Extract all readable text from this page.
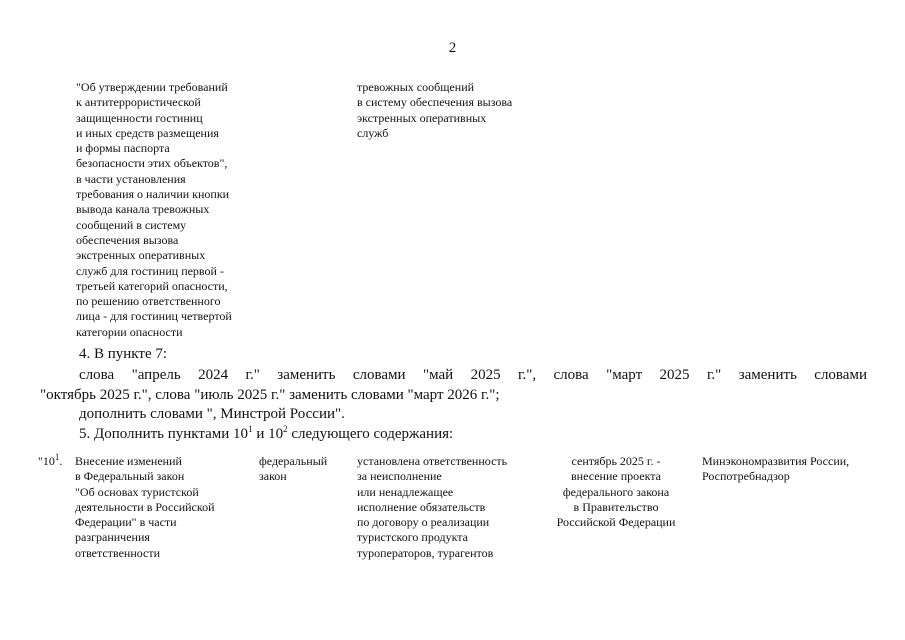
2
"Об утверждении требований
к антитеррористической
защищенности гостиниц
и иных средств размещения
и формы паспорта
безопасности этих объектов",
в части установления
требования о наличии кнопки
вывода канала тревожных
сообщений в систему
обеспечения вызова
экстренных оперативных
служб для гостиниц первой -
третьей категорий опасности,
по решению ответственного
лица - для гостиниц четвертой
категории опасности
тревожных сообщений
в систему обеспечения вызова
экстренных оперативных
служб
4. В пункте 7:
слова "апрель 2024 г." заменить словами "май 2025 г.", слова "март 2025 г." заменить словами
"октябрь 2025 г.", слова "июль 2025 г." заменить словами "март 2026 г.";
дополнить словами ", Минстрой России".
5. Дополнить пунктами $10^1$ и $10^2$ следующего содержания:
"$10^1$. Внесение изменений
в Федеральный закон
"Об основах туристской
деятельности в Российской
Федерации" в части
разграничения
ответственности
федеральный
закон
установлена ответственность
за неисполнение
или ненадлежащее
исполнение обязательств
по договору о реализации
туристского продукта
туроператоров, турагентов
сентябрь 2025 г. -
внесение проекта
федерального закона
в Правительство
Российской Федерации
Минэкономразвития России,
Роспотребнадзор
